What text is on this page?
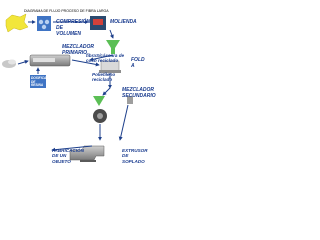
DIAGRAMA DE FLUJO PROCESO DE FIBRA LARGA
COMPRESIÓN DE VOLUMEN
MOLIENDA
MEZCLADOR PRIMARIO
DOSIFICADOR DE RESINA
MEZCLADOR SECUNDARIO
FOLD A
FABRICACIÓN DE UN OBJETO
EXTRUSOR DE SOPLADO
fibraS/cáscara de coco reciclado
Polietileno reciclado
